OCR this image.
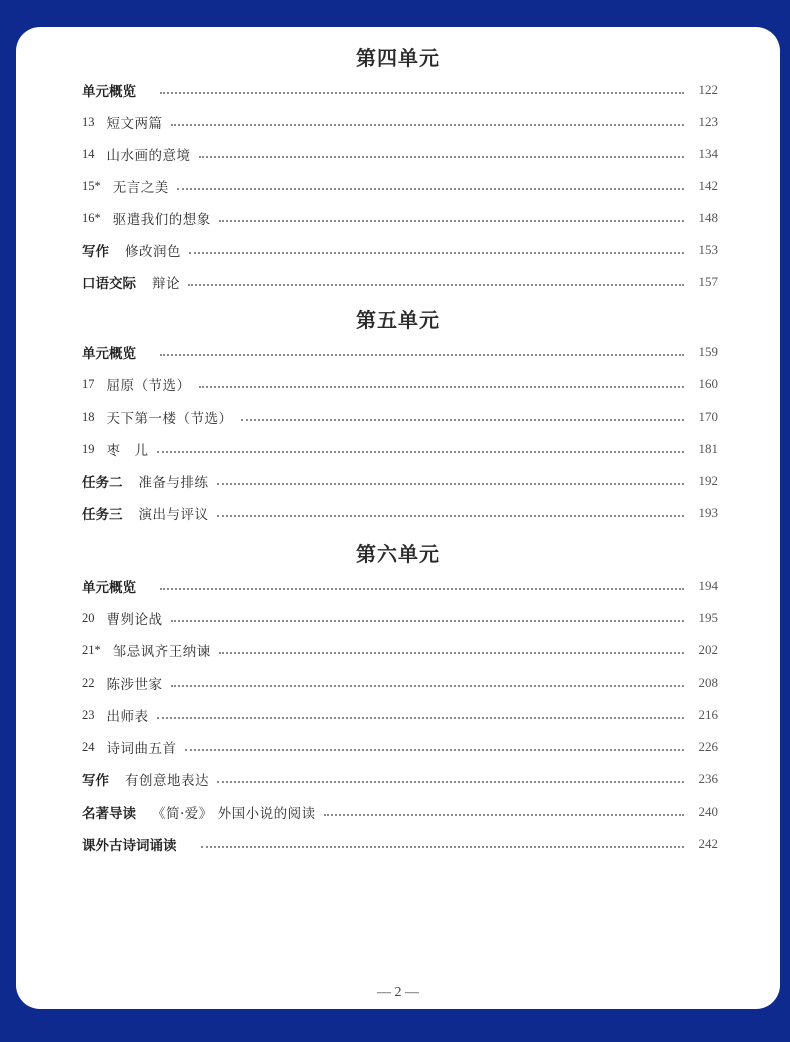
第四单元
单元概览	122
13 短文两篇	123
14 山水画的意境	134
15* 无言之美	142
16* 驱遣我们的想象	148
写作 修改润色	153
口语交际 辩论	157
第五单元
单元概览	159
17 屈原（节选）	160
18 天下第一楼（节选）	170
19 枣　儿	181
任务二 准备与排练	192
任务三 演出与评议	193
第六单元
单元概览	194
20 曹刿论战	195
21* 邹忌讽齐王纳谏	202
22 陈涉世家	208
23 出师表	216
24 诗词曲五首	226
写作 有创意地表达	236
名著导读 《简·爱》 外国小说的阅读	240
课外古诗词诵读	242
— 2 —
